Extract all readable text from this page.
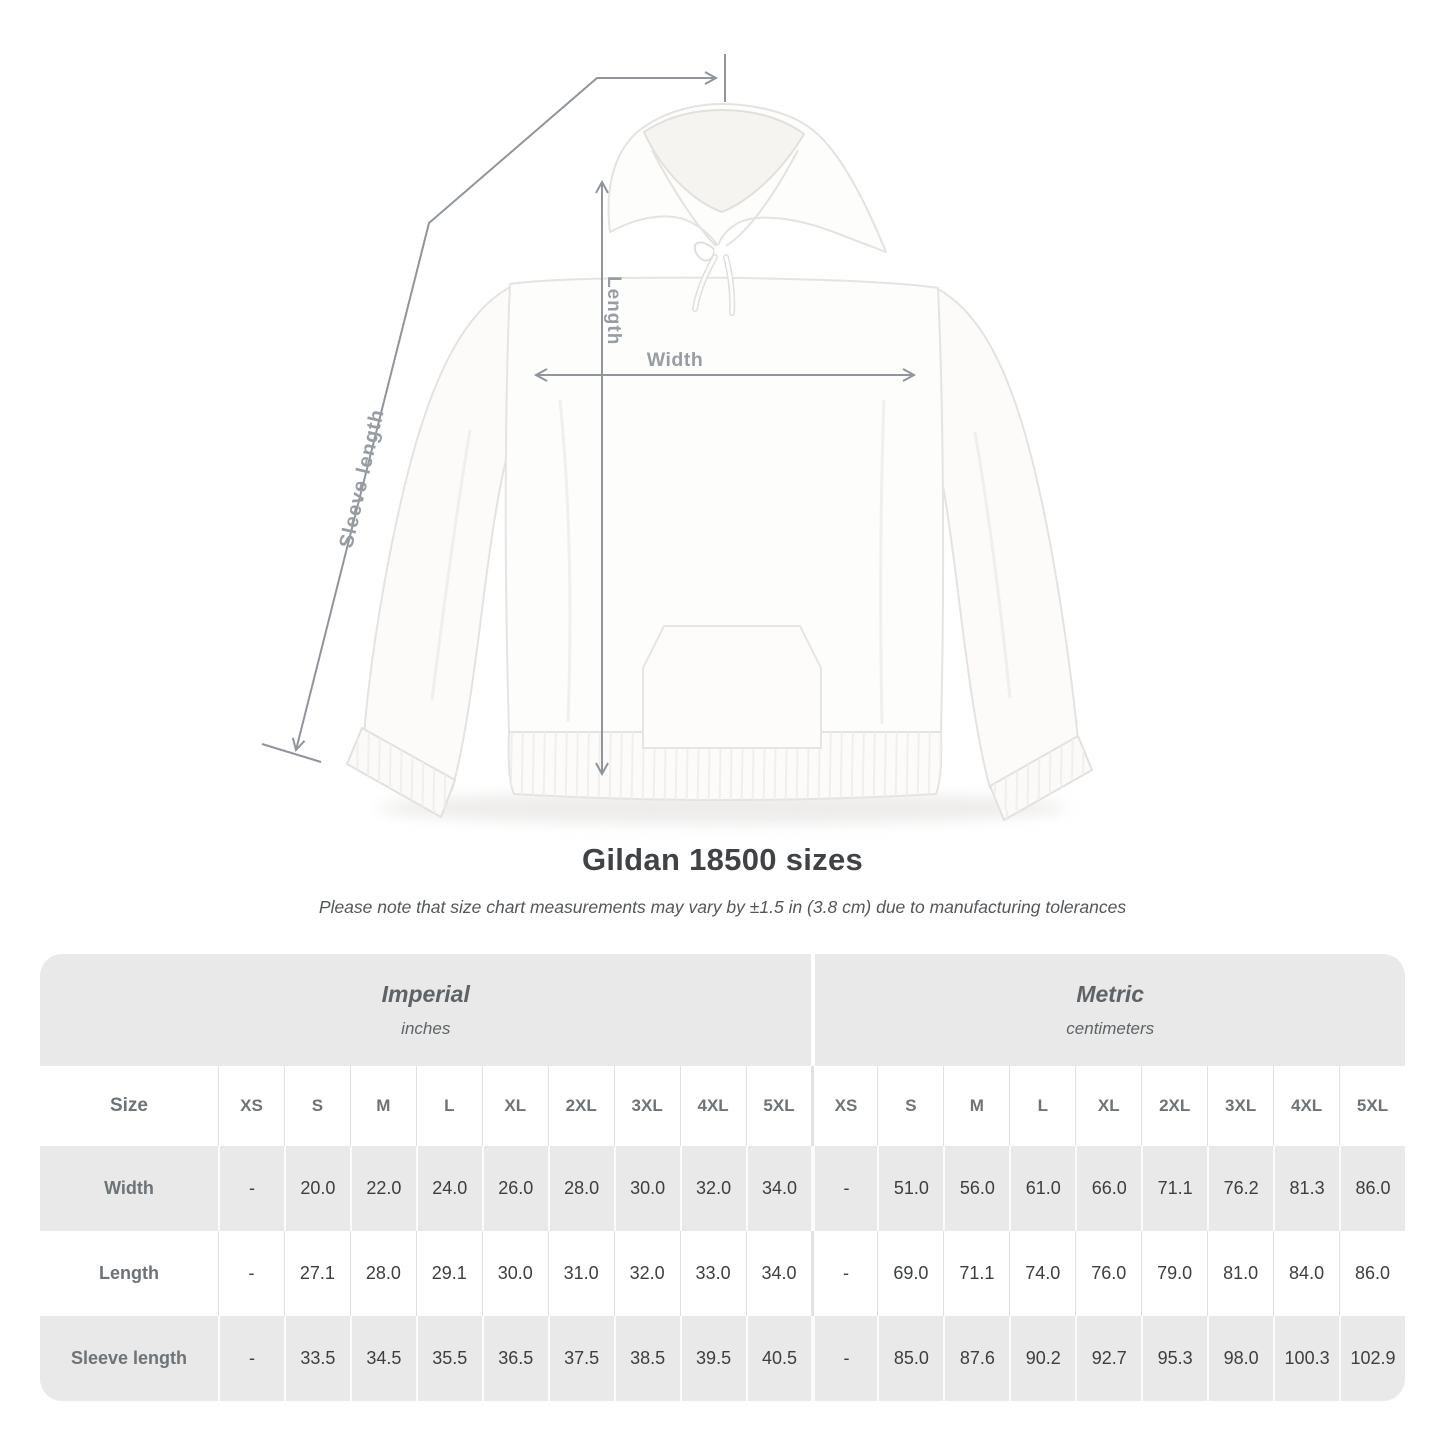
Length
Width
Sleeve length
Gildan 18500 sizes
Please note that size chart measurements may vary by ±1.5 in (3.8 cm) due to manufacturing tolerances
Imperial
inches
Metric
centimeters
Size	XS	S	M	L	XL	2XL	3XL	4XL	5XL	XS	S	M	L	XL	2XL	3XL	4XL	5XL
Width	-	20.0	22.0	24.0	26.0	28.0	30.0	32.0	34.0	-	51.0	56.0	61.0	66.0	71.1	76.2	81.3	86.0
Length	-	27.1	28.0	29.1	30.0	31.0	32.0	33.0	34.0	-	69.0	71.1	74.0	76.0	79.0	81.0	84.0	86.0
Sleeve length	-	33.5	34.5	35.5	36.5	37.5	38.5	39.5	40.5	-	85.0	87.6	90.2	92.7	95.3	98.0	100.3	102.9
